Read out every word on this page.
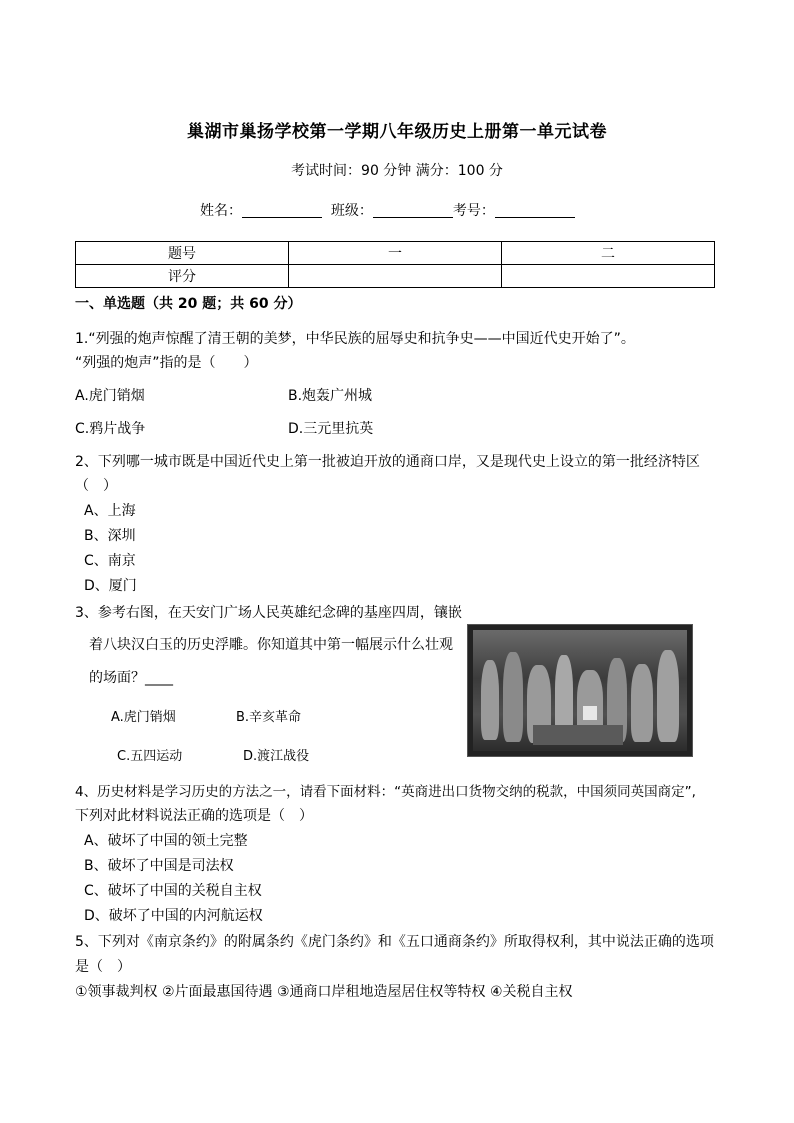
巢湖市巢扬学校第一学期八年级历史上册第一单元试卷
考试时间：90 分钟 满分：100 分
姓名：	班级：	考号：
题号	一	二
评分		
一、单选题（共 20 题；共 60 分）
1.“列强的炮声惊醒了清王朝的美梦，中华民族的屈辱史和抗争史——中国近代史开始了”。
“列强的炮声”指的是（　　）
A.虎门销烟	B.炮轰广州城
C.鸦片战争	D.三元里抗英
2、下列哪一城市既是中国近代史上第一批被迫开放的通商口岸，又是现代史上设立的第一批经济特区
（　）
A、上海
B、深圳
C、南京
D、厦门
3、参考右图，在天安门广场人民英雄纪念碑的基座四周，镶嵌
着八块汉白玉的历史浮雕。你知道其中第一幅展示什么壮观
的场面？____
A.虎门销烟	B.辛亥革命
C.五四运动	D.渡江战役
4、历史材料是学习历史的方法之一，请看下面材料：“英商进出口货物交纳的税款，中国须同英国商定”,
下列对此材料说法正确的选项是（　）
A、破坏了中国的领土完整
B、破坏了中国是司法权
C、破坏了中国的关税自主权
D、破坏了中国的内河航运权
5、下列对《南京条约》的附属条约《虎门条约》和《五口通商条约》所取得权利，其中说法正确的选项
是（　）
①领事裁判权 ②片面最惠国待遇 ③通商口岸租地造屋居住权等特权 ④关税自主权
